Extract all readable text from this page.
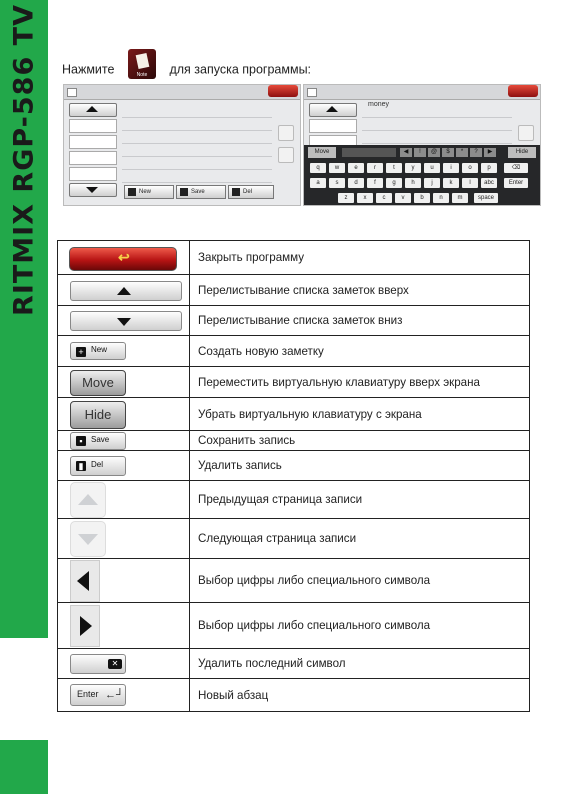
RITMIX RGP-586 TV Нажмите	Note	для запуска программы:
New	Save	Del
money
Move	◀	!	@	$	*	?	▶	Hide
q	w	e	r	t	y	u	i	o	p	⌫
a	s	d	f	g	h	j	k	l	abc	Enter
z	x	c	v	b	n	m	space
↩	Закрыть программу

	Перелистывание списка заметок вверх

	Перелистывание списка заметок вниз

+ New	Создать новую заметку

Move	Переместить виртуальную клавиатуру вверх экрана

Hide	Убрать виртуальную клавиатуру с экрана

▪ Save	Сохранить запись

▮ Del	Удалить запись

	Предыдущая страница записи

	Следующая страница записи

	Выбор цифры либо специального символа

	Выбор цифры либо специального символа

✕	Удалить последний символ

Enter ←┘	Новый абзац
